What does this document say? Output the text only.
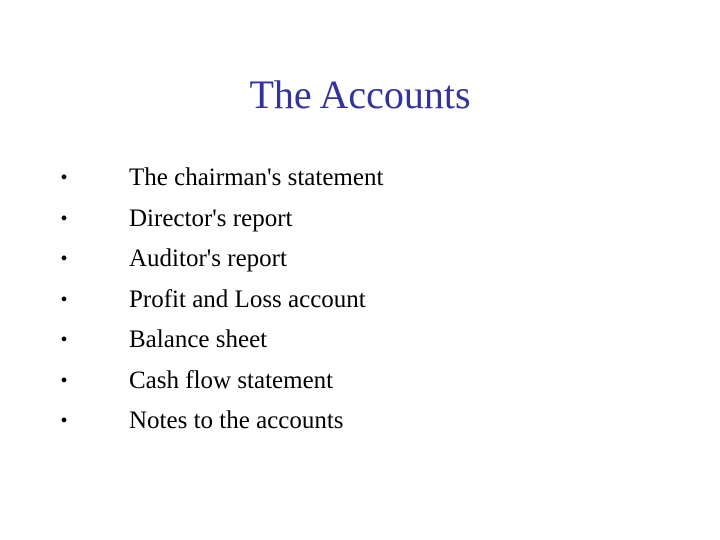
The Accounts
• The chairman's statement
• Director's report
• Auditor's report
• Profit and Loss account
• Balance sheet
• Cash flow statement
• Notes to the accounts
